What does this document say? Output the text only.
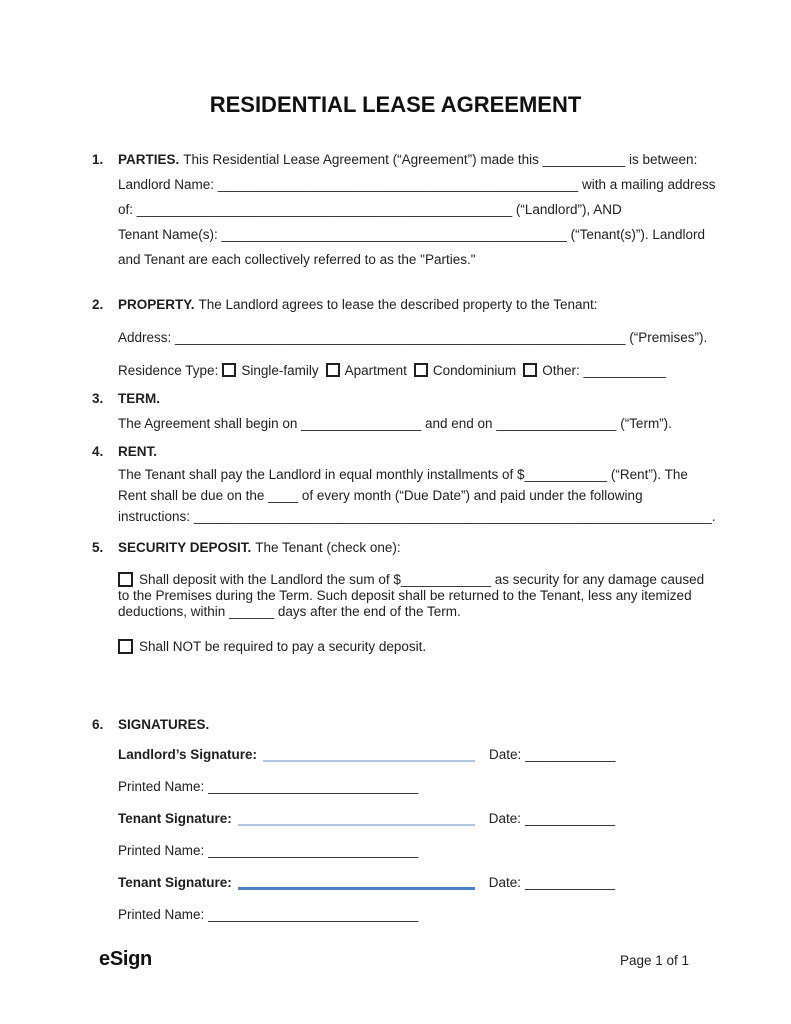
RESIDENTIAL LEASE AGREEMENT
1.	PARTIES. This Residential Lease Agreement (“Agreement”) made this ___________ is between:
Landlord Name: ________________________________________________ with a mailing address
of: __________________________________________________ (“Landlord”), AND
Tenant Name(s): ______________________________________________ (“Tenant(s)”). Landlord
and Tenant are each collectively referred to as the "Parties."
2.	PROPERTY. The Landlord agrees to lease the described property to the Tenant:
Address: ____________________________________________________________ (“Premises”).
Residence Type: Single-family Apartment Condominium Other: ___________
3.	TERM.
The Agreement shall begin on ________________ and end on ________________ (“Term”).
4.	RENT.
The Tenant shall pay the Landlord in equal monthly installments of $___________ (“Rent”). The
Rent shall be due on the ____ of every month (“Due Date”) and paid under the following
instructions: _____________________________________________________________________.
5.	SECURITY DEPOSIT. The Tenant (check one):
Shall deposit with the Landlord the sum of $____________ as security for any damage caused
to the Premises during the Term. Such deposit shall be returned to the Tenant, less any itemized
deductions, within ______ days after the end of the Term.
Shall NOT be required to pay a security deposit.
6.	SIGNATURES.
Landlord’s Signature:	Date: ____________
Printed Name: ____________________________
Tenant Signature:	Date: ____________
Printed Name: ____________________________
Tenant Signature:	Date: ____________
Printed Name: ____________________________
eSign	Page 1 of 1
